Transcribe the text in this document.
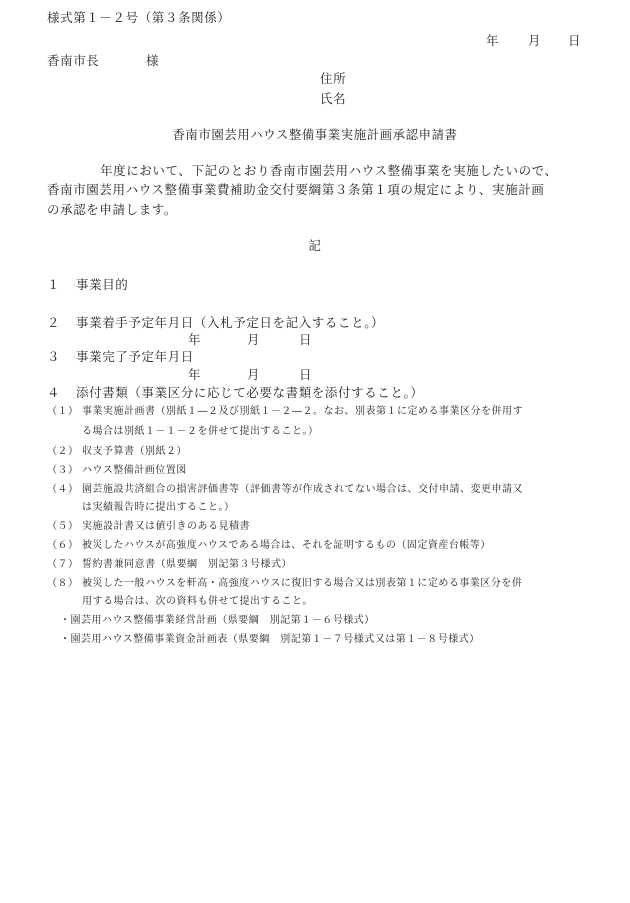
様式第１－２号（第３条関係）
年 月 日
香南市長	様
住所
氏名
香南市園芸用ハウス整備事業実施計画承認申請書
年度において、下記のとおり香南市園芸用ハウス整備事業を実施したいので、
香南市園芸用ハウス整備事業費補助金交付要綱第３条第１項の規定により、実施計画
の承認を申請します。
記
１ 事業目的
２ 事業着手予定年月日（入札予定日を記入すること。）
年	月	日
３ 事業完了予定年月日
年	月	日
４ 添付書類（事業区分に応じて必要な書類を添付すること。）
（１） 事業実施計画書（別紙１―２及び別紙１－２―２。なお、別表第１に定める事業区分を併用す
る場合は別紙１－１－２を併せて提出すること。）
（２） 収支予算書（別紙２）
（３） ハウス整備計画位置図
（４） 園芸施設共済組合の損害評価書等（評価書等が作成されてない場合は、交付申請、変更申請又
は実績報告時に提出すること。）
（５） 実施設計書又は値引きのある見積書
（６） 被災したハウスが高強度ハウスである場合は、それを証明するもの（固定資産台帳等）
（７） 誓約書兼同意書（県要綱　別記第３号様式）
（８） 被災した一般ハウスを軒高・高強度ハウスに復旧する場合又は別表第１に定める事業区分を併
用する場合は、次の資料も併せて提出すること。
・園芸用ハウス整備事業経営計画（県要綱　別記第１－６号様式）
・園芸用ハウス整備事業資金計画表（県要綱　別記第１－７号様式又は第１－８号様式）
